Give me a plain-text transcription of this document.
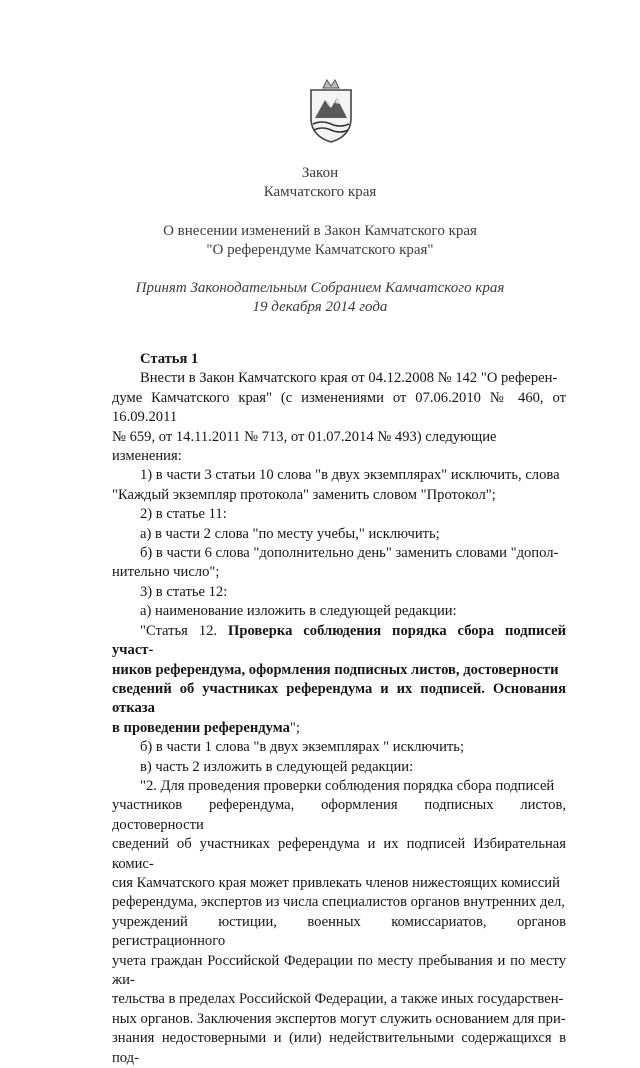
Закон
Камчатского края
О внесении изменений в Закон Камчатского края
"О референдуме Камчатского края"
Принят Законодательным Собранием Камчатского края
19 декабря 2014 года

Статья 1

Внести в Закон Камчатского края от 04.12.2008 № 142 "О референ-

думе Камчатского края" (с изменениями от 07.06.2010 № 460, от 16.09.2011

№ 659, от 14.11.2011 № 713, от 01.07.2014 № 493) следующие изменения:

1) в части 3 статьи 10 слова "в двух экземплярах" исключить, слова

"Каждый экземпляр протокола" заменить словом "Протокол";

2) в статье 11:

а) в части 2 слова "по месту учебы," исключить;

б) в части 6 слова "дополнительно день" заменить словами "допол-

нительно число";

3) в статье 12:

а) наименование изложить в следующей редакции:

"Статья 12. Проверка соблюдения порядка сбора подписей участ-

ников референдума, оформления подписных листов, достоверности

сведений об участниках референдума и их подписей. Основания отказа

в проведении референдума";

б) в части 1 слова "в двух экземплярах " исключить;

в) часть 2 изложить в следующей редакции:

"2. Для проведения проверки соблюдения порядка сбора подписей

участников референдума, оформления подписных листов, достоверности

сведений об участниках референдума и их подписей Избирательная комис-

сия Камчатского края может привлекать членов нижестоящих комиссий

референдума, экспертов из числа специалистов органов внутренних дел,

учреждений юстиции, военных комиссариатов, органов регистрационного

учета граждан Российской Федерации по месту пребывания и по месту жи-

тельства в пределах Российской Федерации, а также иных государствен-

ных органов. Заключения экспертов могут служить основанием для при-

знания недостоверными и (или) недействительными содержащихся в под-
